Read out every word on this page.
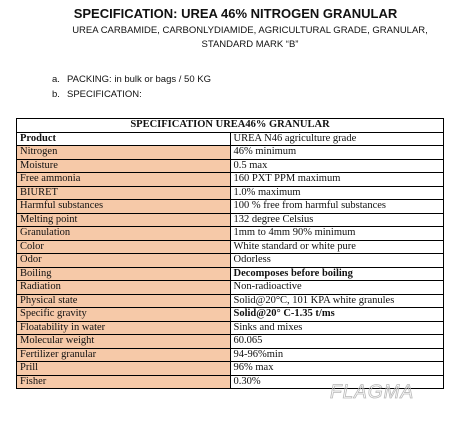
SPECIFICATION: UREA 46% NITROGEN GRANULAR
UREA CARBAMIDE, CARBONLYDIAMIDE, AGRICULTURAL GRADE, GRANULAR, STANDARD MARK “B”
a. PACKING: in bulk or bags / 50 KG
b. SPECIFICATION:
SPECIFICATION UREA46% GRANULAR	
Product	UREA N46 agriculture grade
Nitrogen	46% minimum
Moisture	0.5 max
Free ammonia	160 PXT PPM maximum
BIURET	1.0% maximum
Harmful substances	100 % free from harmful substances
Melting point	132 degree Celsius
Granulation	1mm to 4mm 90% minimum
Color	White standard or white pure
Odor	Odorless
Boiling	Decomposes before boiling
Radiation	Non-radioactive
Physical state	Solid@20°C, 101 KPA white granules
Specific gravity	Solid@20° C-1.35 t/ms
Floatability in water	Sinks and mixes
Molecular weight	60.065
Fertilizer granular	94-96%min
Prill	96% max
Fisher	0.30%
FLAGMA
